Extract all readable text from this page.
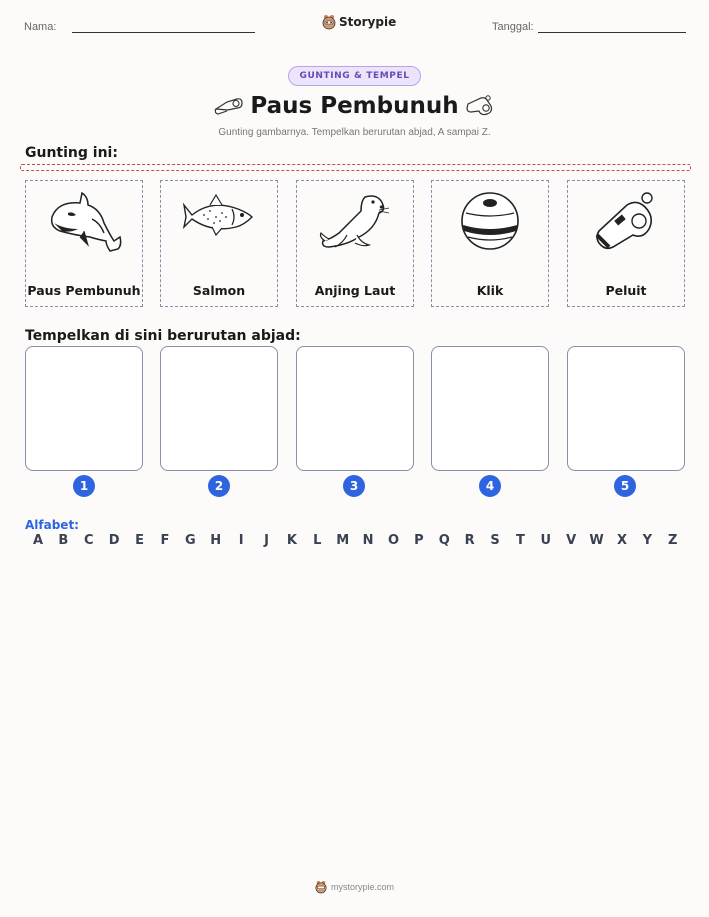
Nama:	Storypie	Tanggal:
GUNTING & TEMPEL
Paus Pembunuh
Gunting gambarnya. Tempelkan berurutan abjad, A sampai Z.
Gunting ini:
Paus Pembunuh	Salmon	Anjing Laut	Klik	Peluit
Tempelkan di sini berurutan abjad:
1	2	3	4	5
Alfabet:
A B C D E F G H	I	J	K L M N O P Q R S T U V W X Y Z
mystorypie.com
